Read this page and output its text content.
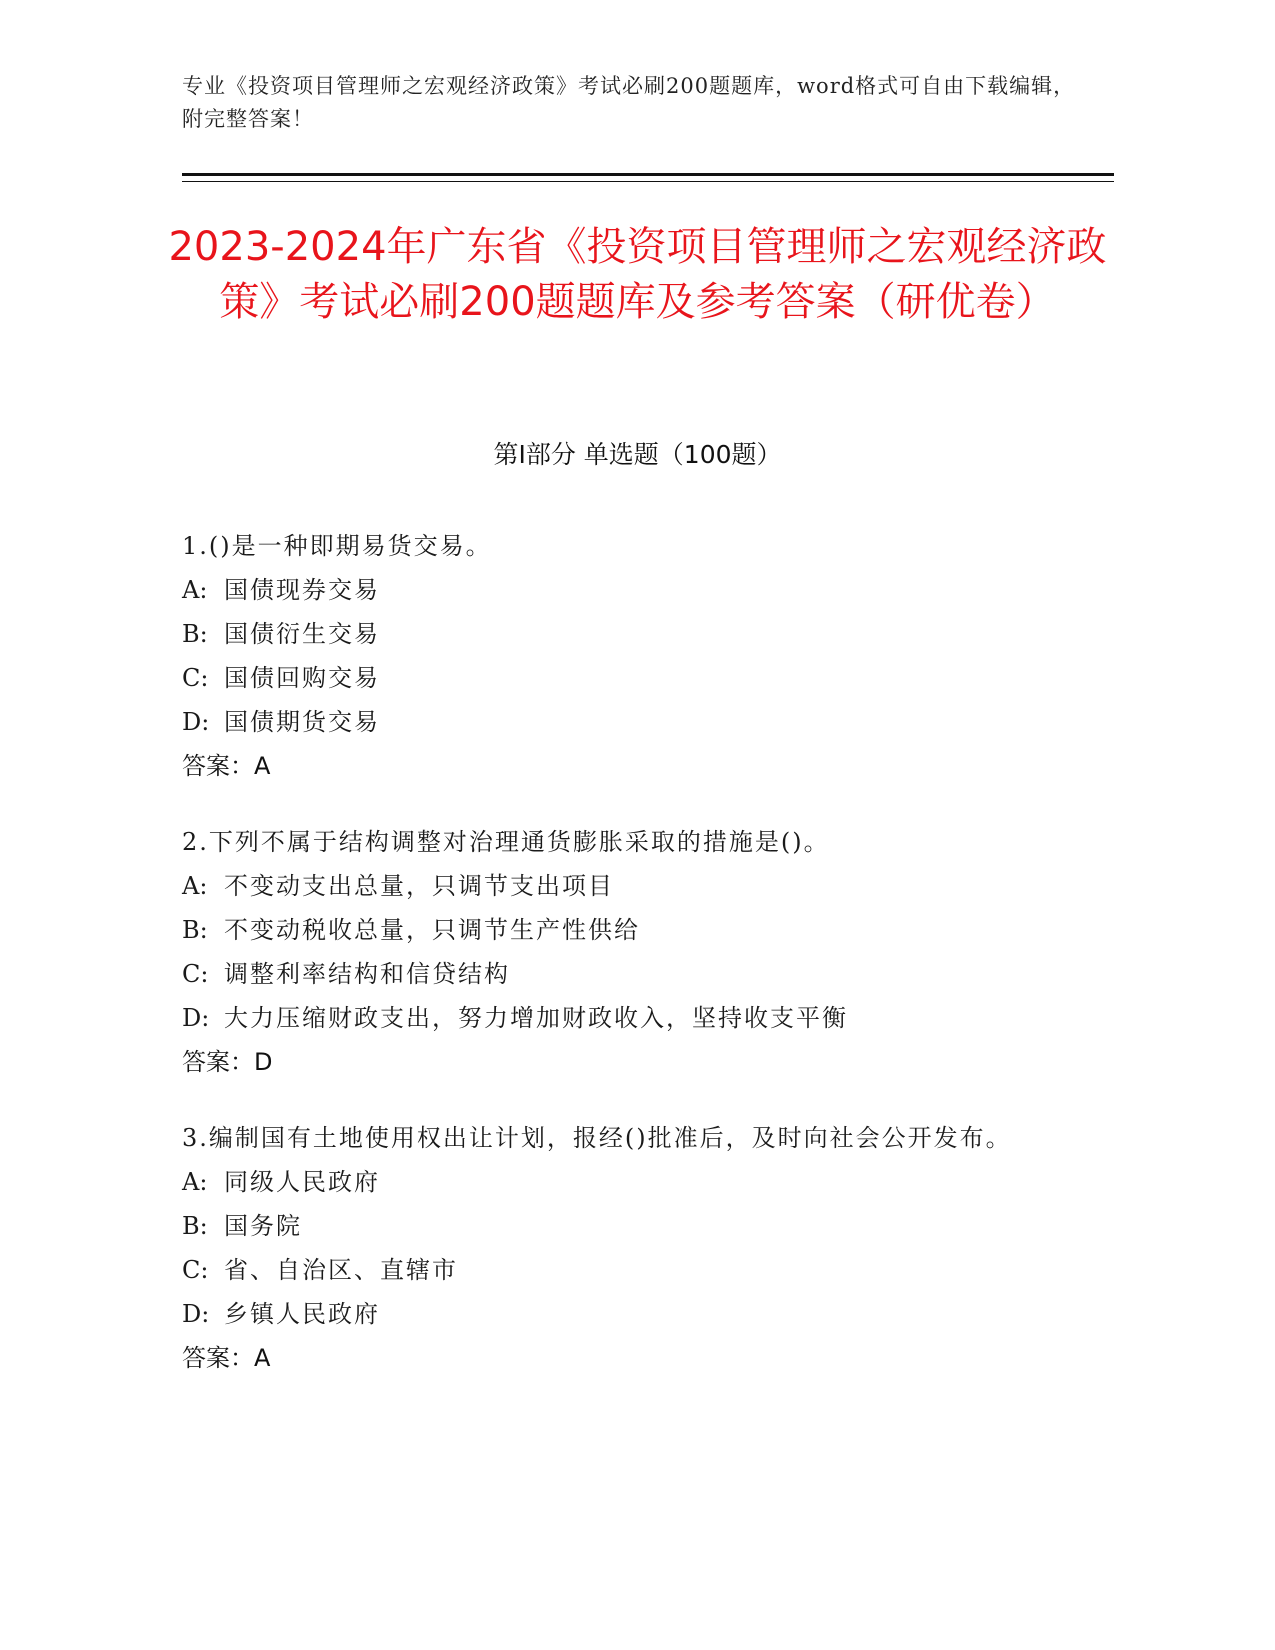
专业《投资项目管理师之宏观经济政策》考试必刷200题题库，word格式可自由下载编辑，附完整答案！
2023-2024年广东省《投资项目管理师之宏观经济政策》考试必刷200题题库及参考答案（研优卷）
第Ⅰ部分 单选题（100题）
1.()是一种即期易货交易。
A: 国债现券交易
B: 国债衍生交易
C: 国债回购交易
D: 国债期货交易
答案：A
2.下列不属于结构调整对治理通货膨胀采取的措施是()。
A: 不变动支出总量，只调节支出项目
B: 不变动税收总量，只调节生产性供给
C: 调整利率结构和信贷结构
D: 大力压缩财政支出，努力增加财政收入，坚持收支平衡
答案：D
3.编制国有土地使用权出让计划，报经()批准后，及时向社会公开发布。
A: 同级人民政府
B: 国务院
C: 省、自治区、直辖市
D: 乡镇人民政府
答案：A
